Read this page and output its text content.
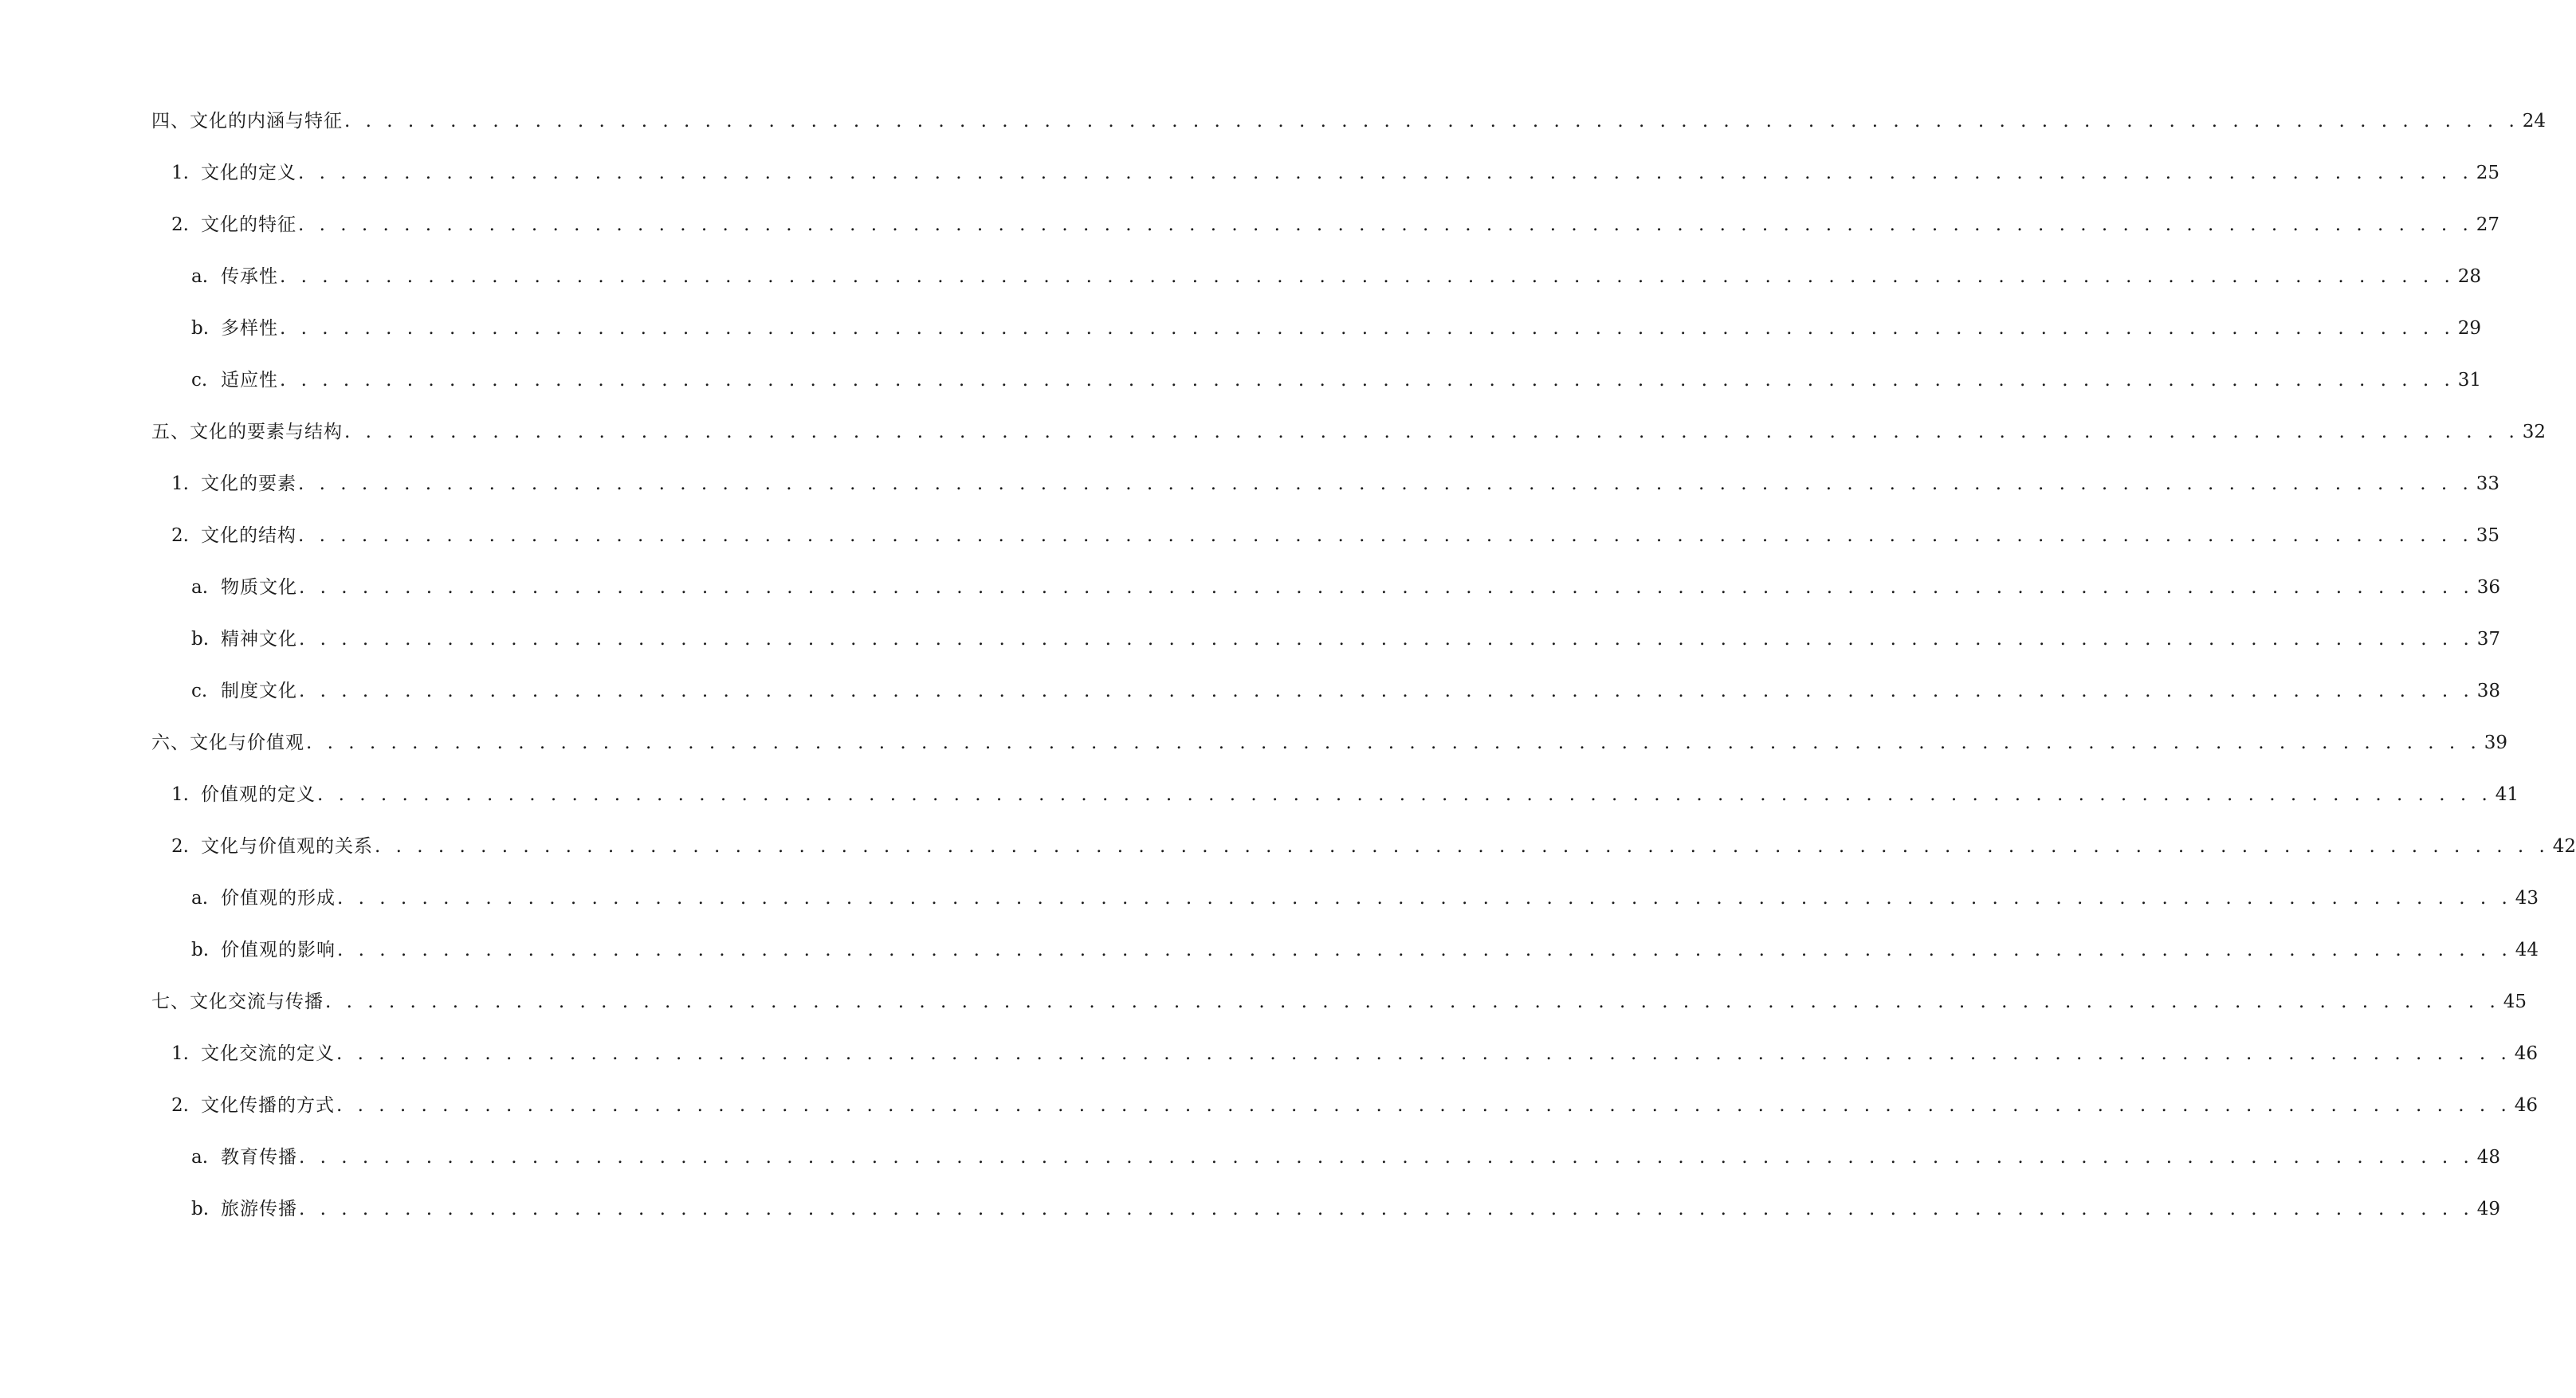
四、文化的内涵与特征 . . . . . . . . . . . . . . . . . . . . . . . . . . . . . . . . . . . . . . . . . . . . . . . . . . . . . . . . . . . . . . . . . . . . . . . . . . . . . . . . . . . . . . . . . . . . . . . . . . . . . . . 24
1. 文化的定义 . . . . . . . . . . . . . . . . . . . . . . . . . . . . . . . . . . . . . . . . . . . . . . . . . . . . . . . . . . . . . . . . . . . . . . . . . . . . . . . . . . . . . . . . . . . . . . . . . . . . . . . 25
2. 文化的特征 . . . . . . . . . . . . . . . . . . . . . . . . . . . . . . . . . . . . . . . . . . . . . . . . . . . . . . . . . . . . . . . . . . . . . . . . . . . . . . . . . . . . . . . . . . . . . . . . . . . . . . . 27
a. 传承性 . . . . . . . . . . . . . . . . . . . . . . . . . . . . . . . . . . . . . . . . . . . . . . . . . . . . . . . . . . . . . . . . . . . . . . . . . . . . . . . . . . . . . . . . . . . . . . . . . . . . . . . 28
b. 多样性 . . . . . . . . . . . . . . . . . . . . . . . . . . . . . . . . . . . . . . . . . . . . . . . . . . . . . . . . . . . . . . . . . . . . . . . . . . . . . . . . . . . . . . . . . . . . . . . . . . . . . . . 29
c. 适应性 . . . . . . . . . . . . . . . . . . . . . . . . . . . . . . . . . . . . . . . . . . . . . . . . . . . . . . . . . . . . . . . . . . . . . . . . . . . . . . . . . . . . . . . . . . . . . . . . . . . . . . . 31
五、文化的要素与结构 . . . . . . . . . . . . . . . . . . . . . . . . . . . . . . . . . . . . . . . . . . . . . . . . . . . . . . . . . . . . . . . . . . . . . . . . . . . . . . . . . . . . . . . . . . . . . . . . . . . . . . . 32
1. 文化的要素 . . . . . . . . . . . . . . . . . . . . . . . . . . . . . . . . . . . . . . . . . . . . . . . . . . . . . . . . . . . . . . . . . . . . . . . . . . . . . . . . . . . . . . . . . . . . . . . . . . . . . . . 33
2. 文化的结构 . . . . . . . . . . . . . . . . . . . . . . . . . . . . . . . . . . . . . . . . . . . . . . . . . . . . . . . . . . . . . . . . . . . . . . . . . . . . . . . . . . . . . . . . . . . . . . . . . . . . . . . 35
a. 物质文化 . . . . . . . . . . . . . . . . . . . . . . . . . . . . . . . . . . . . . . . . . . . . . . . . . . . . . . . . . . . . . . . . . . . . . . . . . . . . . . . . . . . . . . . . . . . . . . . . . . . . . . . 36
b. 精神文化 . . . . . . . . . . . . . . . . . . . . . . . . . . . . . . . . . . . . . . . . . . . . . . . . . . . . . . . . . . . . . . . . . . . . . . . . . . . . . . . . . . . . . . . . . . . . . . . . . . . . . . . 37
c. 制度文化 . . . . . . . . . . . . . . . . . . . . . . . . . . . . . . . . . . . . . . . . . . . . . . . . . . . . . . . . . . . . . . . . . . . . . . . . . . . . . . . . . . . . . . . . . . . . . . . . . . . . . . . 38
六、文化与价值观 . . . . . . . . . . . . . . . . . . . . . . . . . . . . . . . . . . . . . . . . . . . . . . . . . . . . . . . . . . . . . . . . . . . . . . . . . . . . . . . . . . . . . . . . . . . . . . . . . . . . . . . 39
1. 价值观的定义 . . . . . . . . . . . . . . . . . . . . . . . . . . . . . . . . . . . . . . . . . . . . . . . . . . . . . . . . . . . . . . . . . . . . . . . . . . . . . . . . . . . . . . . . . . . . . . . . . . . . . . . 41
2. 文化与价值观的关系 . . . . . . . . . . . . . . . . . . . . . . . . . . . . . . . . . . . . . . . . . . . . . . . . . . . . . . . . . . . . . . . . . . . . . . . . . . . . . . . . . . . . . . . . . . . . . . . . . . . . . . . 42
a. 价值观的形成 . . . . . . . . . . . . . . . . . . . . . . . . . . . . . . . . . . . . . . . . . . . . . . . . . . . . . . . . . . . . . . . . . . . . . . . . . . . . . . . . . . . . . . . . . . . . . . . . . . . . . . . 43
b. 价值观的影响 . . . . . . . . . . . . . . . . . . . . . . . . . . . . . . . . . . . . . . . . . . . . . . . . . . . . . . . . . . . . . . . . . . . . . . . . . . . . . . . . . . . . . . . . . . . . . . . . . . . . . . . 44
七、文化交流与传播 . . . . . . . . . . . . . . . . . . . . . . . . . . . . . . . . . . . . . . . . . . . . . . . . . . . . . . . . . . . . . . . . . . . . . . . . . . . . . . . . . . . . . . . . . . . . . . . . . . . . . . . 45
1. 文化交流的定义 . . . . . . . . . . . . . . . . . . . . . . . . . . . . . . . . . . . . . . . . . . . . . . . . . . . . . . . . . . . . . . . . . . . . . . . . . . . . . . . . . . . . . . . . . . . . . . . . . . . . . . . 46
2. 文化传播的方式 . . . . . . . . . . . . . . . . . . . . . . . . . . . . . . . . . . . . . . . . . . . . . . . . . . . . . . . . . . . . . . . . . . . . . . . . . . . . . . . . . . . . . . . . . . . . . . . . . . . . . . . 46
a. 教育传播 . . . . . . . . . . . . . . . . . . . . . . . . . . . . . . . . . . . . . . . . . . . . . . . . . . . . . . . . . . . . . . . . . . . . . . . . . . . . . . . . . . . . . . . . . . . . . . . . . . . . . . . 48
b. 旅游传播 . . . . . . . . . . . . . . . . . . . . . . . . . . . . . . . . . . . . . . . . . . . . . . . . . . . . . . . . . . . . . . . . . . . . . . . . . . . . . . . . . . . . . . . . . . . . . . . . . . . . . . . 49
